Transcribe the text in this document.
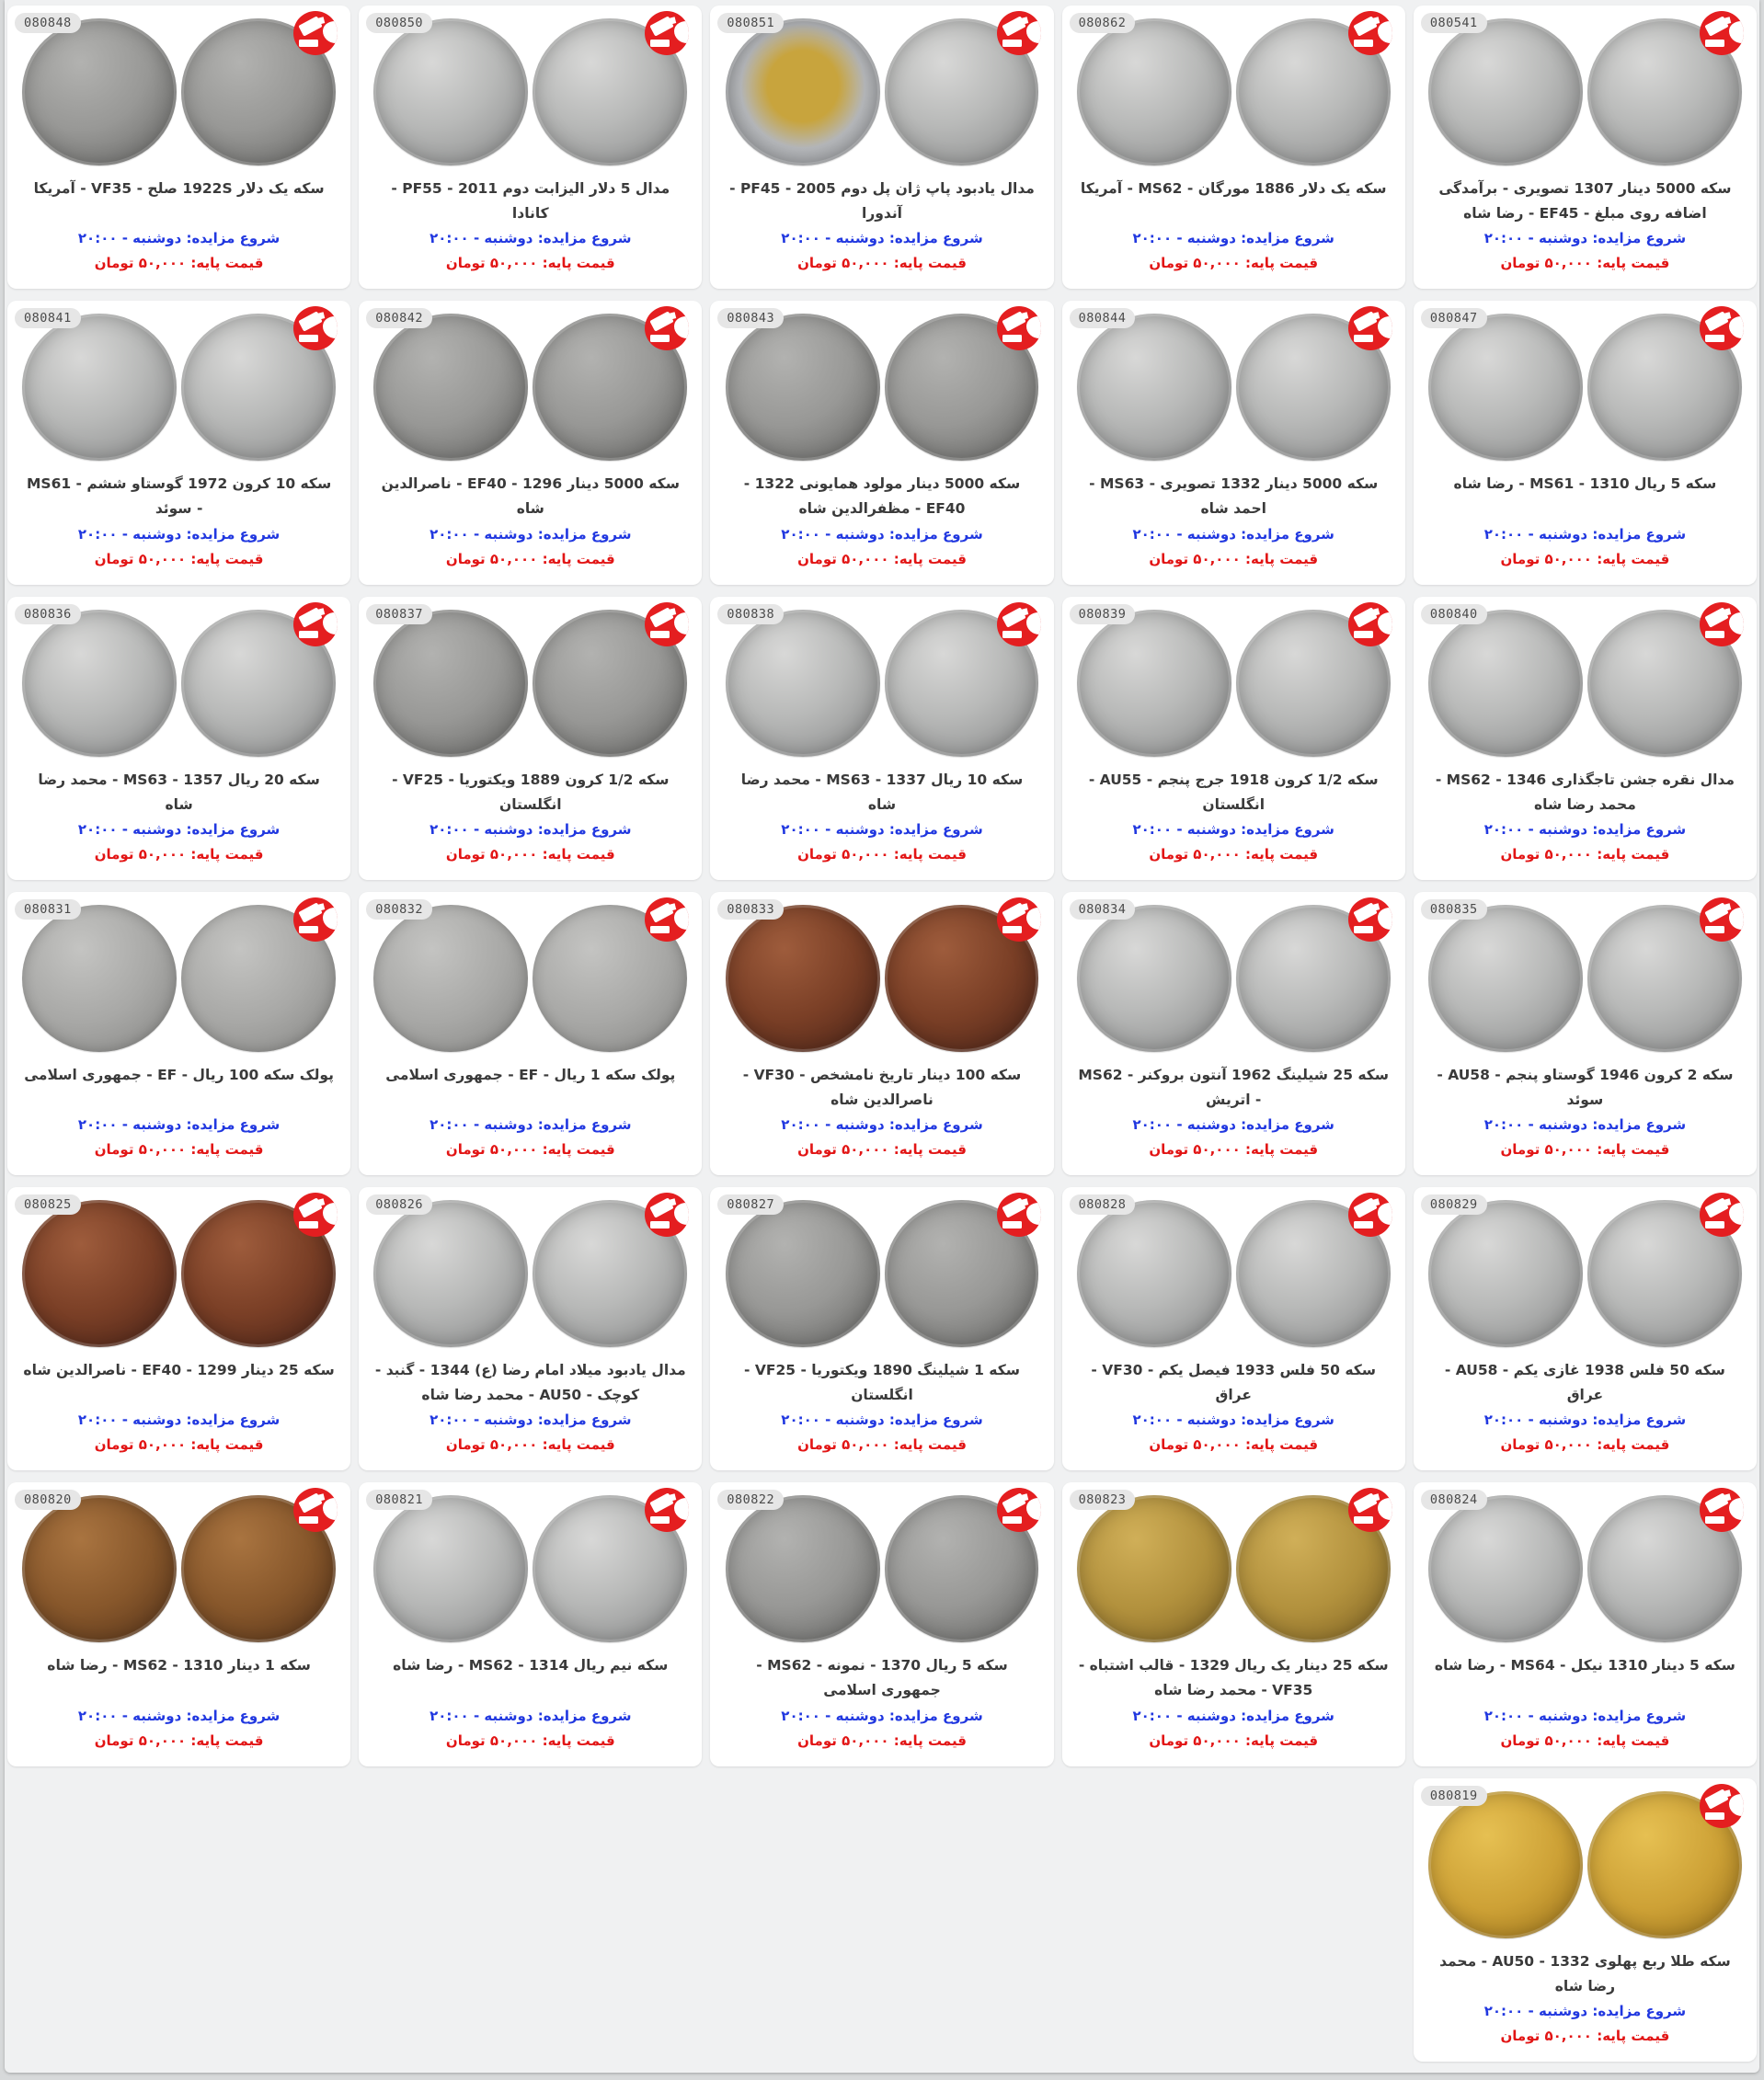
080541
سکه 5000 دینار 1307 تصویری - برآمدگی اضافه روی مبلغ - EF45 - رضا شاه
شروع مزایده: دوشنبه - ۲۰:۰۰
قیمت پایه: ۵۰,۰۰۰ تومان
080862
سکه یک دلار 1886 مورگان - MS62 - آمریکا
شروع مزایده: دوشنبه - ۲۰:۰۰
قیمت پایه: ۵۰,۰۰۰ تومان
080851
مدال یادبود پاپ ژان پل دوم 2005 - PF45 - آندورا
شروع مزایده: دوشنبه - ۲۰:۰۰
قیمت پایه: ۵۰,۰۰۰ تومان
080850
مدال 5 دلار الیزابت دوم 2011 - PF55 - کانادا
شروع مزایده: دوشنبه - ۲۰:۰۰
قیمت پایه: ۵۰,۰۰۰ تومان
080848
سکه یک دلار 1922S صلح - VF35 - آمریکا
شروع مزایده: دوشنبه - ۲۰:۰۰
قیمت پایه: ۵۰,۰۰۰ تومان
080847
سکه 5 ریال 1310 - MS61 - رضا شاه
شروع مزایده: دوشنبه - ۲۰:۰۰
قیمت پایه: ۵۰,۰۰۰ تومان
080844
سکه 5000 دینار 1332 تصویری - MS63 - احمد شاه
شروع مزایده: دوشنبه - ۲۰:۰۰
قیمت پایه: ۵۰,۰۰۰ تومان
080843
سکه 5000 دینار مولود همایونی 1322 - EF40 - مظفرالدین شاه
شروع مزایده: دوشنبه - ۲۰:۰۰
قیمت پایه: ۵۰,۰۰۰ تومان
080842
سکه 5000 دینار 1296 - EF40 - ناصرالدین شاه
شروع مزایده: دوشنبه - ۲۰:۰۰
قیمت پایه: ۵۰,۰۰۰ تومان
080841
سکه 10 کرون 1972 گوستاو ششم - MS61 - سوئد
شروع مزایده: دوشنبه - ۲۰:۰۰
قیمت پایه: ۵۰,۰۰۰ تومان
080840
مدال نقره جشن تاجگذاری 1346 - MS62 - محمد رضا شاه
شروع مزایده: دوشنبه - ۲۰:۰۰
قیمت پایه: ۵۰,۰۰۰ تومان
080839
سکه 1/2 کرون 1918 جرج پنجم - AU55 - انگلستان
شروع مزایده: دوشنبه - ۲۰:۰۰
قیمت پایه: ۵۰,۰۰۰ تومان
080838
سکه 10 ریال 1337 - MS63 - محمد رضا شاه
شروع مزایده: دوشنبه - ۲۰:۰۰
قیمت پایه: ۵۰,۰۰۰ تومان
080837
سکه 1/2 کرون 1889 ویکتوریا - VF25 - انگلستان
شروع مزایده: دوشنبه - ۲۰:۰۰
قیمت پایه: ۵۰,۰۰۰ تومان
080836
سکه 20 ریال 1357 - MS63 - محمد رضا شاه
شروع مزایده: دوشنبه - ۲۰:۰۰
قیمت پایه: ۵۰,۰۰۰ تومان
080835
سکه 2 کرون 1946 گوستاو پنجم - AU58 - سوئد
شروع مزایده: دوشنبه - ۲۰:۰۰
قیمت پایه: ۵۰,۰۰۰ تومان
080834
سکه 25 شیلینگ 1962 آنتون بروکنر - MS62 - اتریش
شروع مزایده: دوشنبه - ۲۰:۰۰
قیمت پایه: ۵۰,۰۰۰ تومان
080833
سکه 100 دینار تاریخ نامشخص - VF30 - ناصرالدین شاه
شروع مزایده: دوشنبه - ۲۰:۰۰
قیمت پایه: ۵۰,۰۰۰ تومان
080832
پولک سکه 1 ریال - EF - جمهوری اسلامی
شروع مزایده: دوشنبه - ۲۰:۰۰
قیمت پایه: ۵۰,۰۰۰ تومان
080831
پولک سکه 100 ریال - EF - جمهوری اسلامی
شروع مزایده: دوشنبه - ۲۰:۰۰
قیمت پایه: ۵۰,۰۰۰ تومان
080829
سکه 50 فلس 1938 غازی یکم - AU58 - عراق
شروع مزایده: دوشنبه - ۲۰:۰۰
قیمت پایه: ۵۰,۰۰۰ تومان
080828
سکه 50 فلس 1933 فیصل یکم - VF30 - عراق
شروع مزایده: دوشنبه - ۲۰:۰۰
قیمت پایه: ۵۰,۰۰۰ تومان
080827
سکه 1 شیلینگ 1890 ویکتوریا - VF25 - انگلستان
شروع مزایده: دوشنبه - ۲۰:۰۰
قیمت پایه: ۵۰,۰۰۰ تومان
080826
مدال یادبود میلاد امام رضا (ع) 1344 - گنبد - کوچک - AU50 - محمد رضا شاه
شروع مزایده: دوشنبه - ۲۰:۰۰
قیمت پایه: ۵۰,۰۰۰ تومان
080825
سکه 25 دینار 1299 - EF40 - ناصرالدین شاه
شروع مزایده: دوشنبه - ۲۰:۰۰
قیمت پایه: ۵۰,۰۰۰ تومان
080824
سکه 5 دینار 1310 نیکل - MS64 - رضا شاه
شروع مزایده: دوشنبه - ۲۰:۰۰
قیمت پایه: ۵۰,۰۰۰ تومان
080823
سکه 25 دینار یک ریال 1329 - قالب اشتباه - VF35 - محمد رضا شاه
شروع مزایده: دوشنبه - ۲۰:۰۰
قیمت پایه: ۵۰,۰۰۰ تومان
080822
سکه 5 ریال 1370 - نمونه - MS62 - جمهوری اسلامی
شروع مزایده: دوشنبه - ۲۰:۰۰
قیمت پایه: ۵۰,۰۰۰ تومان
080821
سکه نیم ریال 1314 - MS62 - رضا شاه
شروع مزایده: دوشنبه - ۲۰:۰۰
قیمت پایه: ۵۰,۰۰۰ تومان
080820
سکه 1 دینار 1310 - MS62 - رضا شاه
شروع مزایده: دوشنبه - ۲۰:۰۰
قیمت پایه: ۵۰,۰۰۰ تومان
080819
سکه طلا ربع پهلوی 1332 - AU50 - محمد رضا شاه
شروع مزایده: دوشنبه - ۲۰:۰۰
قیمت پایه: ۵۰,۰۰۰ تومان
